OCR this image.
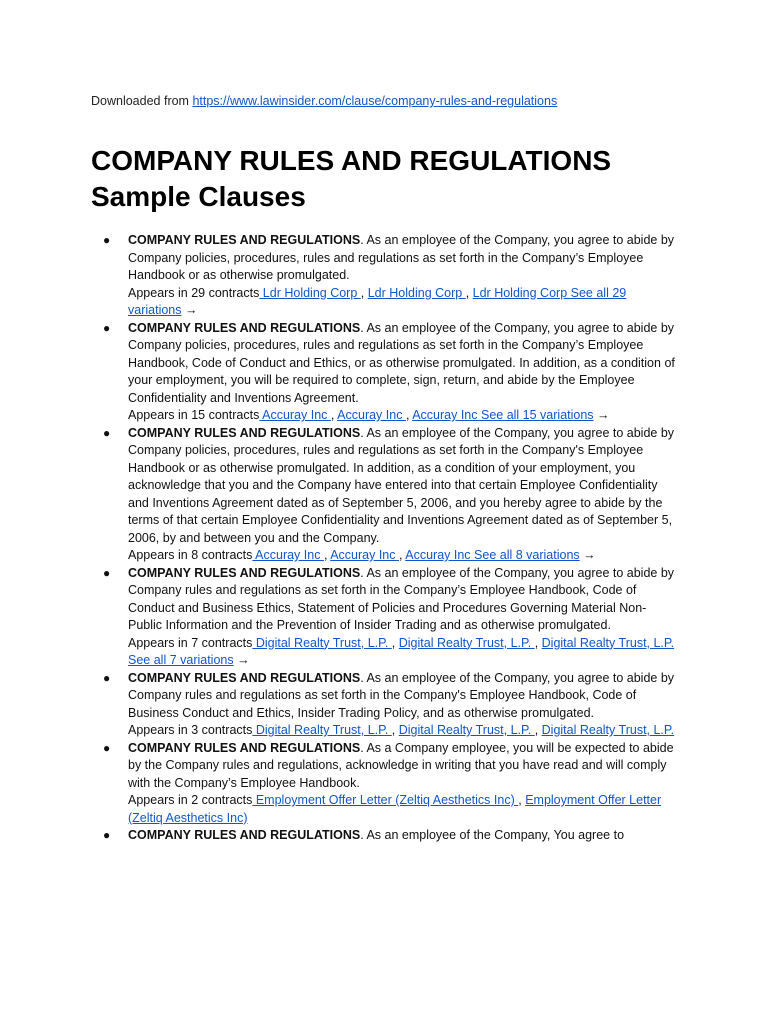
Downloaded from https://www.lawinsider.com/clause/company-rules-and-regulations
COMPANY RULES AND REGULATIONS
Sample Clauses
● COMPANY RULES AND REGULATIONS. As an employee of the Company, you agree to abide by Company policies, procedures, rules and regulations as set forth in the Company’s Employee Handbook or as otherwise promulgated.
Appears in 29 contracts Ldr Holding Corp , Ldr Holding Corp , Ldr Holding Corp See all 29 variations →
● COMPANY RULES AND REGULATIONS. As an employee of the Company, you agree to abide by Company policies, procedures, rules and regulations as set forth in the Company’s Employee Handbook, Code of Conduct and Ethics, or as otherwise promulgated. In addition, as a condition of your employment, you will be required to complete, sign, return, and abide by the Employee Confidentiality and Inventions Agreement.
Appears in 15 contracts Accuray Inc , Accuray Inc , Accuray Inc See all 15 variations →
● COMPANY RULES AND REGULATIONS. As an employee of the Company, you agree to abide by Company policies, procedures, rules and regulations as set forth in the Company's Employee Handbook or as otherwise promulgated. In addition, as a condition of your employment, you acknowledge that you and the Company have entered into that certain Employee Confidentiality and Inventions Agreement dated as of September 5, 2006, and you hereby agree to abide by the terms of that certain Employee Confidentiality and Inventions Agreement dated as of September 5, 2006, by and between you and the Company.
Appears in 8 contracts Accuray Inc , Accuray Inc , Accuray Inc See all 8 variations →
● COMPANY RULES AND REGULATIONS. As an employee of the Company, you agree to abide by Company rules and regulations as set forth in the Company’s Employee Handbook, Code of Conduct and Business Ethics, Statement of Policies and Procedures Governing Material Non-Public Information and the Prevention of Insider Trading and as otherwise promulgated.
Appears in 7 contracts Digital Realty Trust, L.P. , Digital Realty Trust, L.P. , Digital Realty Trust, L.P. See all 7 variations →
● COMPANY RULES AND REGULATIONS. As an employee of the Company, you agree to abide by Company rules and regulations as set forth in the Company's Employee Handbook, Code of Business Conduct and Ethics, Insider Trading Policy, and as otherwise promulgated.
Appears in 3 contracts Digital Realty Trust, L.P. , Digital Realty Trust, L.P. , Digital Realty Trust, L.P.
● COMPANY RULES AND REGULATIONS. As a Company employee, you will be expected to abide by the Company rules and regulations, acknowledge in writing that you have read and will comply with the Company’s Employee Handbook.
Appears in 2 contracts Employment Offer Letter (Zeltiq Aesthetics Inc) , Employment Offer Letter (Zeltiq Aesthetics Inc)
● COMPANY RULES AND REGULATIONS. As an employee of the Company, You agree to
